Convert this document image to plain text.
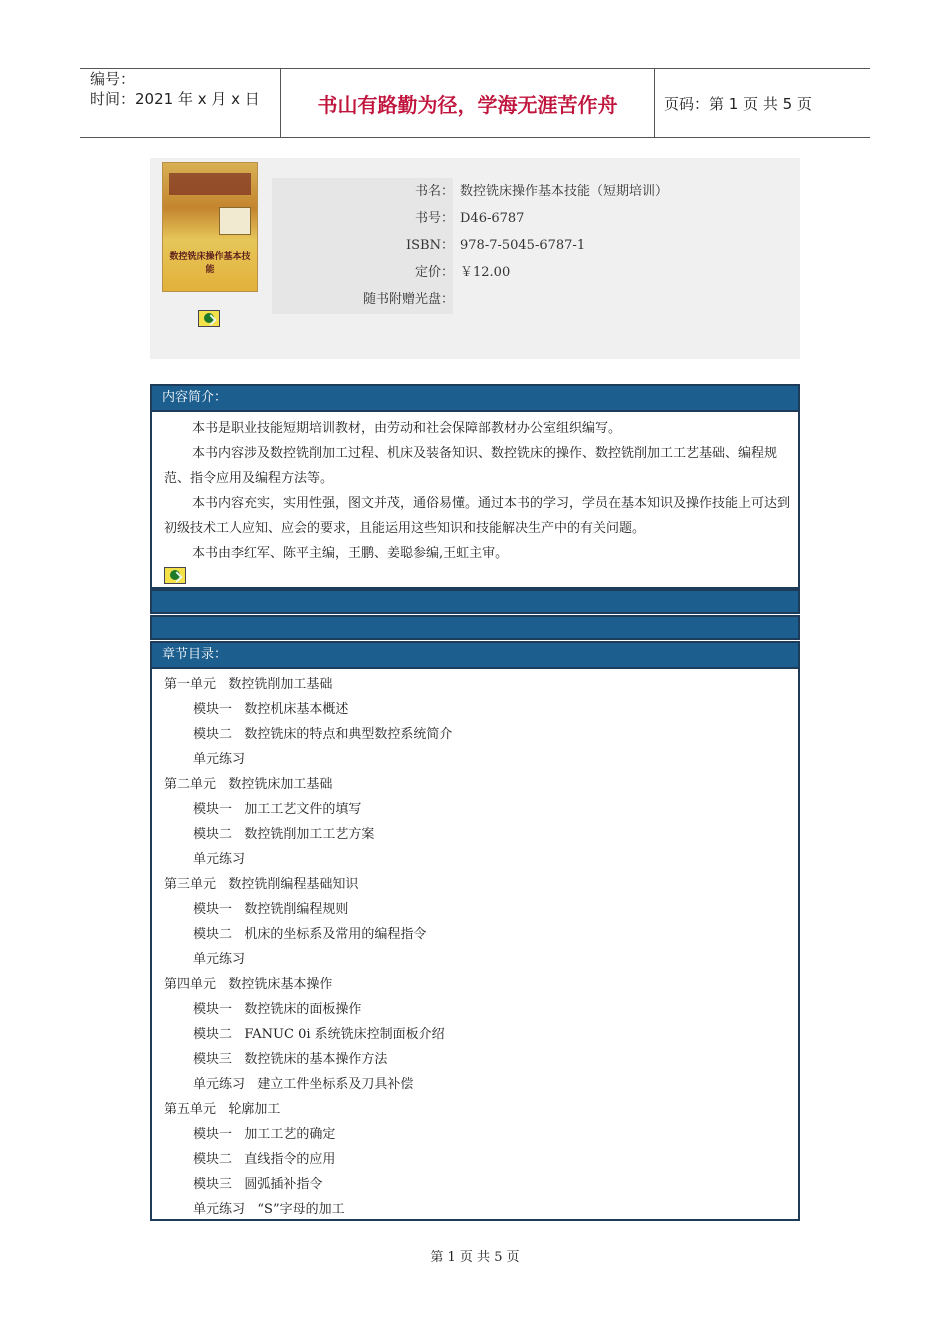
编号：
时间：2021 年 x 月 x 日	书山有路勤为径，学海无涯苦作舟	页码：第 1 页 共 5 页
数控铣床操作基本技能
书名： 数控铣床操作基本技能（短期培训）
书号： D46-6787
ISBN： 978-7-5045-6787-1
定价： ￥12.00
随书附赠光盘：
内容简介：

本书是职业技能短期培训教材，由劳动和社会保障部教材办公室组织编写。

本书内容涉及数控铣削加工过程、机床及装备知识、数控铣床的操作、数控铣削加工工艺基础、编程规范、指令应用及编程方法等。

本书内容充实，实用性强，图文并茂，通俗易懂。通过本书的学习，学员在基本知识及操作技能上可达到初级技术工人应知、应会的要求，且能运用这些知识和技能解决生产中的有关问题。

本书由李红军、陈平主编，王鹏、姜聪参编,王虹主审。

章节目录：
第一单元   数控铣削加工基础
模块一   数控机床基本概述
模块二   数控铣床的特点和典型数控系统简介
单元练习
第二单元   数控铣床加工基础
模块一   加工工艺文件的填写
模块二   数控铣削加工工艺方案
单元练习
第三单元   数控铣削编程基础知识
模块一   数控铣削编程规则
模块二   机床的坐标系及常用的编程指令
单元练习
第四单元   数控铣床基本操作
模块一   数控铣床的面板操作
模块二   FANUC 0i 系统铣床控制面板介绍
模块三   数控铣床的基本操作方法
单元练习   建立工件坐标系及刀具补偿
第五单元   轮廓加工
模块一   加工工艺的确定
模块二   直线指令的应用
模块三   圆弧插补指令
单元练习   “S”字母的加工
第 1 页 共 5 页
